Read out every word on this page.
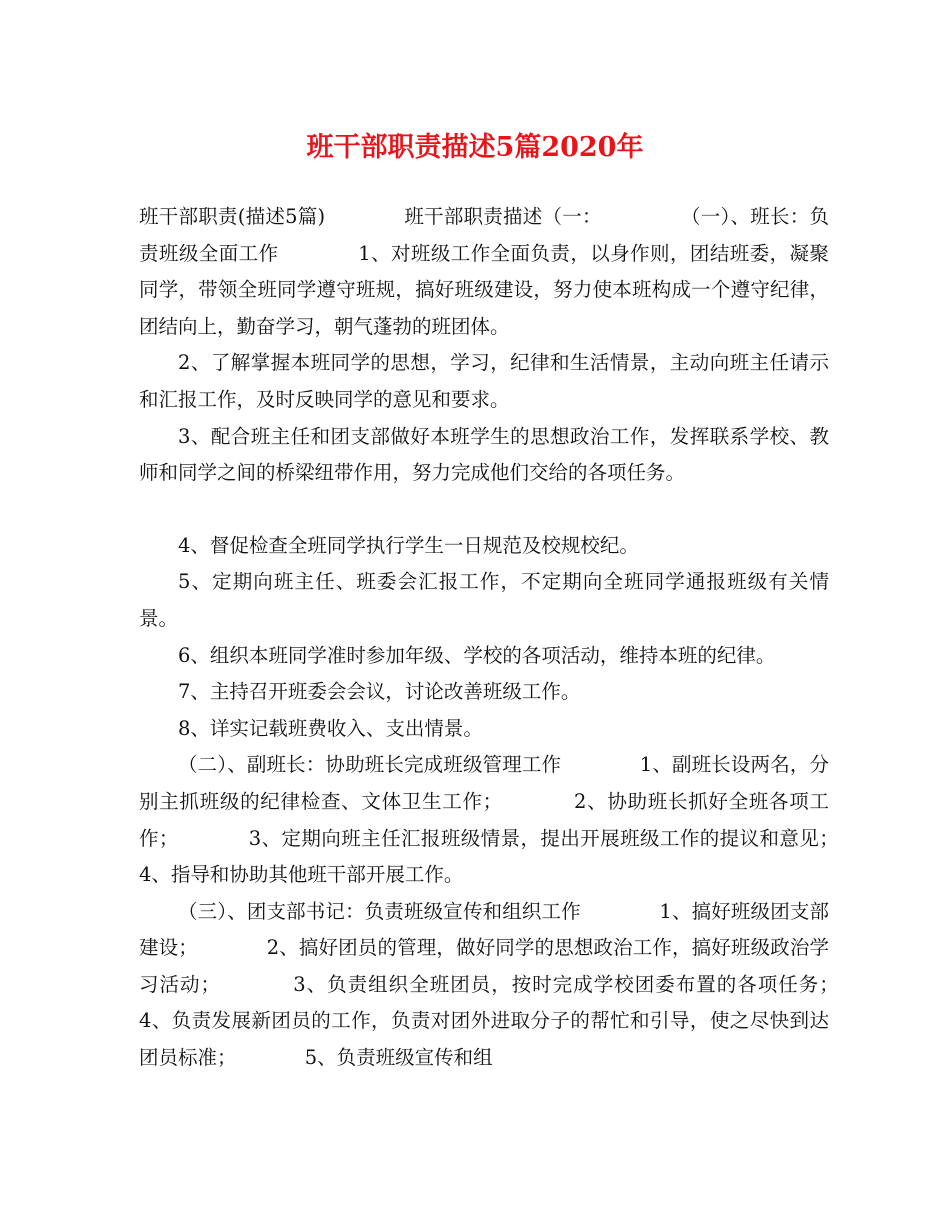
班干部职责描述5篇2020年

班干部职责(描述5篇)　　　　班干部职责描述（一：　　　　　（一）、班长：负责班级全面工作　　　　1、对班级工作全面负责，以身作则，团结班委，凝聚同学，带领全班同学遵守班规，搞好班级建设，努力使本班构成一个遵守纪律，团结向上，勤奋学习，朝气蓬勃的班团体。

2、了解掌握本班同学的思想，学习，纪律和生活情景，主动向班主任请示和汇报工作，及时反映同学的意见和要求。

3、配合班主任和团支部做好本班学生的思想政治工作，发挥联系学校、教师和同学之间的桥梁纽带作用，努力完成他们交给的各项任务。

4、督促检查全班同学执行学生一日规范及校规校纪。

5、定期向班主任、班委会汇报工作，不定期向全班同学通报班级有关情景。

6、组织本班同学准时参加年级、学校的各项活动，维持本班的纪律。

7、主持召开班委会会议，讨论改善班级工作。

8、详实记载班费收入、支出情景。

（二）、副班长：协助班长完成班级管理工作　　　　1、副班长设两名，分别主抓班级的纪律检查、文体卫生工作；　　　　2、协助班长抓好全班各项工作；　　　　3、定期向班主任汇报班级情景，提出开展班级工作的提议和意见；　　　　4、指导和协助其他班干部开展工作。

（三）、团支部书记：负责班级宣传和组织工作　　　　1、搞好班级团支部建设；　　　　2、搞好团员的管理，做好同学的思想政治工作，搞好班级政治学习活动；　　　　3、负责组织全班团员，按时完成学校团委布置的各项任务；　　　　4、负责发展新团员的工作，负责对团外进取分子的帮忙和引导，使之尽快到达团员标准；　　　　5、负责班级宣传和组
